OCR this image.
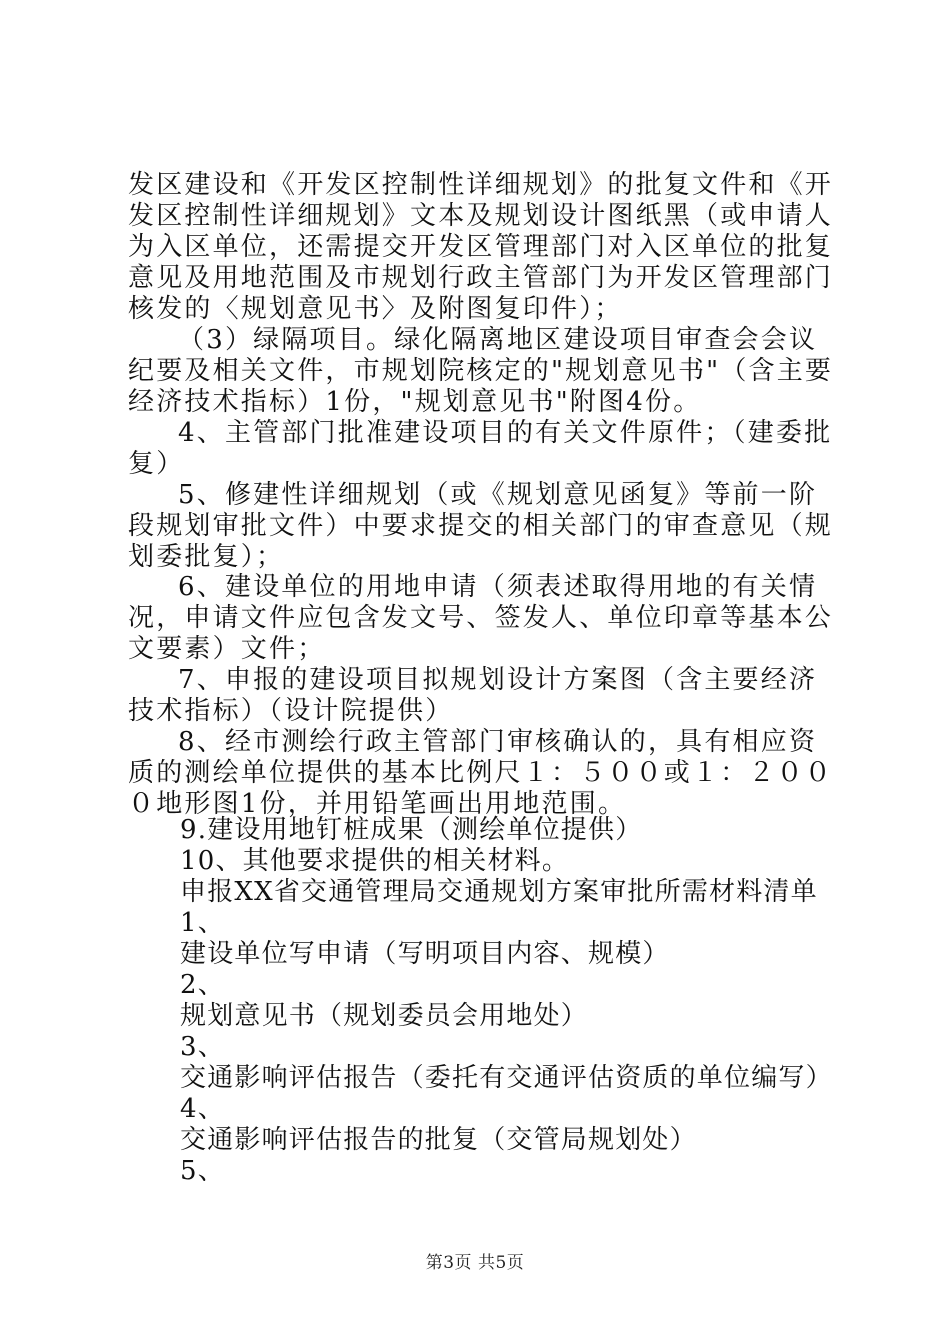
发区建设和《开发区控制性详细规划》的批复文件和《开发区控制性详细规划》文本及规划设计图纸黑（或申请人为入区单位，还需提交开发区管理部门对入区单位的批复意见及用地范围及市规划行政主管部门为开发区管理部门核发的〈规划意见书〉及附图复印件）；

（3）绿隔项目。绿化隔离地区建设项目审查会会议纪要及相关文件，市规划院核定的"规划意见书"（含主要经济技术指标）1份，"规划意见书"附图4份。

4、主管部门批准建设项目的有关文件原件；（建委批复）

5、修建性详细规划（或《规划意见函复》等前一阶段规划审批文件）中要求提交的相关部门的审查意见（规划委批复）；

6、建设单位的用地申请（须表述取得用地的有关情况，申请文件应包含发文号、签发人、单位印章等基本公文要素）文件；

7、申报的建设项目拟规划设计方案图（含主要经济技术指标）（设计院提供）

8、经市测绘行政主管部门审核确认的，具有相应资质的测绘单位提供的基本比例尺１：５００或１：２０００地形图1份，并用铅笔画出用地范围。

9.建设用地钉桩成果（测绘单位提供）

10、其他要求提供的相关材料。

申报XX省交通管理局交通规划方案审批所需材料清单

1、

建设单位写申请（写明项目内容、规模）

2、

规划意见书（规划委员会用地处）

3、

交通影响评估报告（委托有交通评估资质的单位编写）

4、

交通影响评估报告的批复（交管局规划处）

5、

第3页 共5页
